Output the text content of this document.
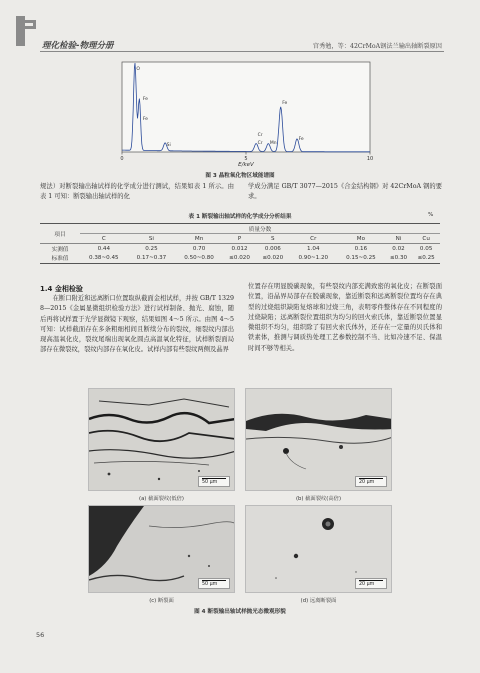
理化检验-物理分册	宫秀勉，等：42CrMoA钢法兰输出轴断裂原因
O
Fe
Si	Cr Mn
Cr
Fe
Fe
Fe
0	5	10
E/keV
图 3 晶粒氧化物区域能谱图
规法）对断裂输出轴试样的化学成分进行测试，结果如表 1 所示。由表 1 可知：断裂输出轴试样的化
学成分满足 GB/T 3077—2015《合金结构钢》对 42CrMoA 钢的要求。
表 1 断裂输出轴试样的化学成分分析结果	%
项目	质量分数								
	C	Si	Mn	P	S	Cr	Mo	Ni	Cu
实测值	0.44	0.25	0.70	0.012	0.006	1.04	0.16	0.02	0.05
标准值	0.38~0.45	0.17~0.37	0.50~0.80	≤0.020	≤0.020	0.90~1.20	0.15~0.25	≤0.30	≤0.25
1.4 金相检验
在断口附近和远离断口位置取纵截面金相试样，并按 GB/T 13298—2015《金属显微组织检验方法》进行试样制备、抛光、腐蚀，随后再将试样置于光学显微镜下观察，结果如图 4～5 所示。由图 4～5 可知：试样截面存在多条粗细相间且断续分布的裂纹，细裂纹内部出现高温氧化皮，裂纹尾端出现氧化圆点高温氧化特征，试样断裂面局部存在微裂纹，裂纹内部存在氧化皮。试样内部有些裂纹两侧及晶界
位置存在明显脱碳现象，有些裂纹内部充满致密的氧化皮；在断裂面位置，沿晶界局部存在脱碳现象，靠近断裂和远离断裂位置均存在典型的过烧组织缺陷复熔球和过烧三角，表明零件整体存在不同程度的过烧缺陷；远离断裂位置组织为均匀的回火索氏体，靠近断裂位置显微组织不均匀，组织除了有回火索氏体外，还存在一定量的贝氏体和铁素体，推测与调质热处理工艺参数控制不当、比如冷速不足、保温时间不够等相关。
50 μm	20 μm
(a) 截面裂纹(低倍)	(b) 截面裂纹(高倍)
50 μm	20 μm
(c) 断裂面	(d) 远离断裂面
图 4 断裂输出轴试样抛光态微观形貌
56
